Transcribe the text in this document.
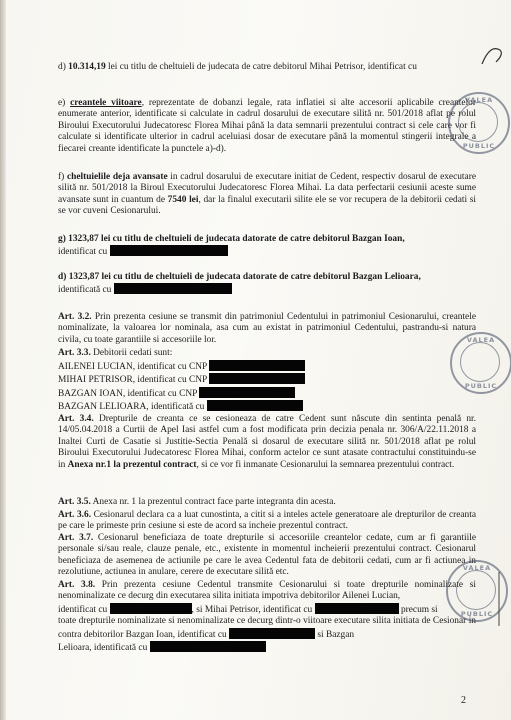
d) 10.314,19 lei cu titlu de cheltuieli de judecata de catre debitorul Mihai Petrisor, identificat cu

e) creantele viitoare, reprezentate de dobanzi legale, rata inflatiei si alte accesorii aplicabile creantelor enumerate anterior, identificate si calculate in cadrul dosarului de executare silită nr. 501/2018 aflat pe rolul Biroului Executorului Judecatoresc Florea Mihai până la data semnarii prezentului contract si cele care vor fi calculate si identificate ulterior in cadrul aceluiasi dosar de executare până la momentul stingerii integrale a fiecarei creante identificate la punctele a)-d).

f) cheltuielile deja avansate in cadrul dosarului de executare initiat de Cedent, respectiv dosarul de executare silită nr. 501/2018 la Biroul Executorului Judecatoresc Florea Mihai. La data perfectarii cesiunii aceste sume avansate sunt in cuantum de 7540 lei, dar la finalul executarii silite ele se vor recupera de la debitorii cedati si se vor cuveni Cesionarului.

g) 1323,87 lei cu titlu de cheltuieli de judecata datorate de catre debitorul Bazgan Ioan,
identificat cu

d) 1323,87 lei cu titlu de cheltuieli de judecata datorate de catre debitorul Bazgan Lelioara,
identificată cu

Art. 3.2. Prin prezenta cesiune se transmit din patrimoniul Cedentului in patrimoniul Cesionarului, creantele nominalizate, la valoarea lor nominala, asa cum au existat in patrimoniul Cedentului, pastrandu-si natura civila, cu toate garantiile si accesoriile lor.

Art. 3.3. Debitorii cedati sunt:

AILENEI LUCIAN, identificat cu CNP
MIHAI PETRISOR, identificat cu CNP
BAZGAN IOAN, identificat cu CNP
BAZGAN LELIOARA, identificată cu

Art. 3.4. Drepturile de creanta ce se cesioneaza de catre Cedent sunt născute din sentinta penală nr. 14/05.04.2018 a Curtii de Apel Iasi astfel cum a fost modificata prin decizia penala nr. 306/A/22.11.2018 a Inaltei Curti de Casatie si Justitie-Sectia Penală si dosarul de executare silită nr. 501/2018 aflat pe rolul Biroului Executorului Judecatoresc Florea Mihai, conform actelor ce sunt atasate contractului constituindu-se in Anexa nr.1 la prezentul contract, si ce vor fi inmanate Cesionarului la semnarea prezentului contract.

Art. 3.5. Anexa nr. 1 la prezentul contract face parte integranta din acesta.

Art. 3.6. Cesionarul declara ca a luat cunostinta, a citit si a inteles actele generatoare ale drepturilor de creanta pe care le primeste prin cesiune si este de acord sa incheie prezentul contract.

Art. 3.7. Cesionarul beneficiaza de toate drepturile si accesoriile creantelor cedate, cum ar fi garantiile personale si/sau reale, clauze penale, etc., existente in momentul incheierii prezentului contract. Cesionarul beneficiaza de asemenea de actiunile pe care le avea Cedentul fata de debitorii cedati, cum ar fi actiunea in rezolutiune, actiunea in anulare, cerere de executare silită etc.

Art. 3.8. Prin prezenta cesiune Cedentul transmite Cesionarului si toate drepturile nominalizate si nenominalizate ce decurg din executarea silita initiata impotriva debitorilor Ailenei Lucian,
identificat cu	, si Mihai Petrisor, identificat cu	precum si
toate drepturile nominalizate si nenominalizate ce decurg dintr-o viitoare executare silita initiata de Cesionar in contra debitorilor Bazgan Ioan, identificat cu	si Bazgan
Lelioara, identificată cu

VALEA
PUBLIC
VALEA
PUBLIC
VALEA
PUBLIC
2
